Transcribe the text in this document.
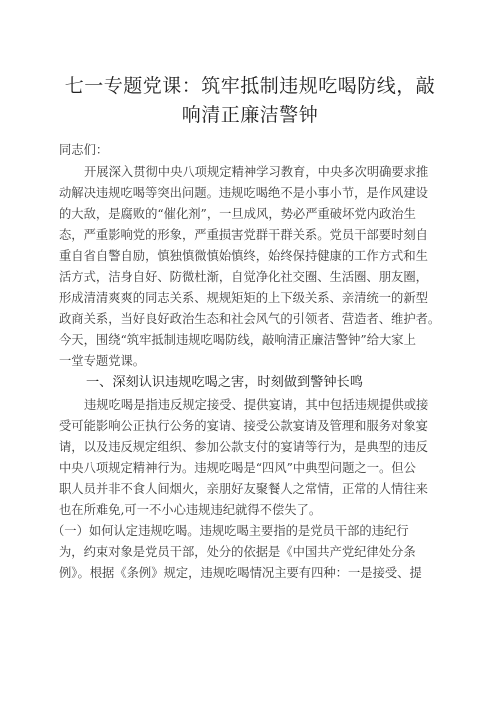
七一专题党课：筑牢抵制违规吃喝防线，敲
响清正廉洁警钟
同志们：
开展深入贯彻中央八项规定精神学习教育，中央多次明确要求推
动解决违规吃喝等突出问题。违规吃喝绝不是小事小节，是作风建设
的大敌，是腐败的“催化剂”，一旦成风，势必严重破坏党内政治生
态，严重影响党的形象，严重损害党群干群关系。党员干部要时刻自
重自省自警自励，慎独慎微慎始慎终，始终保持健康的工作方式和生
活方式，洁身自好、防微杜渐，自觉净化社交圈、生活圈、朋友圈，
形成清清爽爽的同志关系、规规矩矩的上下级关系、亲清统一的新型
政商关系，当好良好政治生态和社会风气的引领者、营造者、维护者。
今天，围绕“筑牢抵制违规吃喝防线，敲响清正廉洁警钟”给大家上
一堂专题党课。
一、深刻认识违规吃喝之害，时刻做到警钟长鸣
违规吃喝是指违反规定接受、提供宴请，其中包括违规提供或接
受可能影响公正执行公务的宴请、接受公款宴请及管理和服务对象宴
请，以及违反规定组织、参加公款支付的宴请等行为，是典型的违反
中央八项规定精神行为。违规吃喝是“四风”中典型问题之一。但公
职人员并非不食人间烟火，亲朋好友聚餐人之常情，正常的人情往来
也在所难免,可一不小心违规违纪就得不偿失了。
（一）如何认定违规吃喝。违规吃喝主要指的是党员干部的违纪行
为，约束对象是党员干部，处分的依据是《中国共产党纪律处分条
例》。根据《条例》规定，违规吃喝情况主要有四种：一是接受、提
